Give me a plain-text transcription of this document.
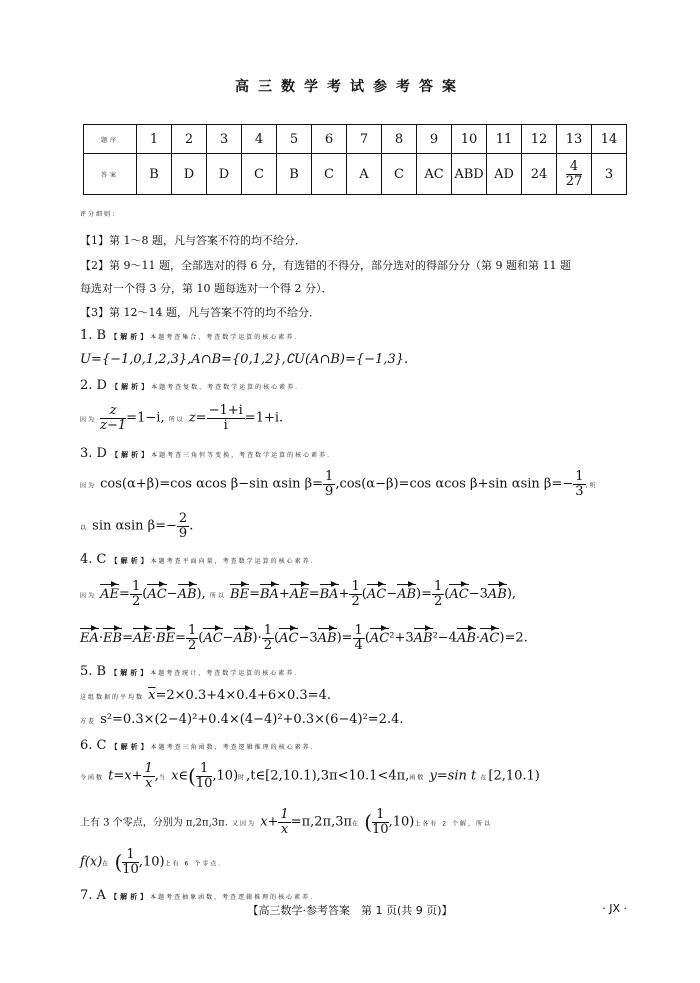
高三数学考试参考答案
题序	1	2	3	4	5	6	7	8	9	10	11	12	13	14
答案	B	D	D	C	B	C	A	C	AC	ABD	AD	24	$\frac{4}{27}$	3
评分细则：
【1】第 1～8 题，凡与答案不符的均不给分．
【2】第 9～11 题，全部选对的得 6 分，有选错的不得分，部分选对的得部分分（第 9 题和第 11 题
每选对一个得 3 分，第 10 题每选对一个得 2 分）．
【3】第 12～14 题，凡与答案不符的均不给分．
1. B 【解析】本题考查集合，考查数学运算的核心素养．
U={−1,0,1,2,3},A∩B={0,1,2},∁U(A∩B)={−1,3}.
2. D 【解析】本题考查复数，考查数学运算的核心素养．
因为 $\frac{z}{z-1} =1-i$, 所以 $z= \frac{-1+i}{i} =1+i$.
3. D 【解析】本题考查三角恒等变换，考查数学运算的核心素养．
因为 cos(α+β)=cos αcos β−sin αsin $\beta= \frac{1}{9} ,\cos(\alpha-\beta)=\cos$ αcos β+sin αsin $\beta=- \frac{1}{3}$ ,所
以 sin αsin $\beta=- \frac{2}{9}$ .
4. C 【解析】本题考查平面向量，考查数学运算的核心素养．
因为 $AE= \frac{1}{2} (AC-AB)$, 所以 $BE=BA+AE=BA+ \frac{1}{2} (AC-AB)= \frac{1}{2} (AC-3AB)$,
$EA\cdot EB=AE\cdot BE= \frac{1}{2} (AC-AB)\cdot \frac{1}{2} (AC-3AB)= \frac{1}{4} (AC^2+3AB^2-4AB\cdot AC)=2$.
5. B 【解析】本题考查统计，考查数学运算的核心素养．
这组数据的平均数 $\overline{x}=2\times 0.3+4\times 0.4+6\times 0.3=4$.
方差 s²=0.3×(2−4)²+0.4×(4−4)²+0.3×(6−4)²=2.4.
6. C 【解析】本题考查三角函数，考查逻辑推理的核心素养．
令函数 $t=x+ \frac{1}{x}$ ,当 x∈( $\frac{1}{10} ,10$)时,t∈[2,10.1),3π<10.1<4π,函数 y=sin t 在[2,10.1)
上有 3 个零点，分别为 π,2π,3π. 又因为 $x+ \frac{1}{x} =\pi,2\pi,3\pi$在 ( $\frac{1}{10} ,10$)上各有 2 个解，所以
f(x)在 ( $\frac{1}{10} ,10$)上有 6 个零点．
7. A 【解析】本题考查抽象函数，考查逻辑推理的核心素养．
【高三数学·参考答案　第 1 页(共 9 页)】	· JX ·
